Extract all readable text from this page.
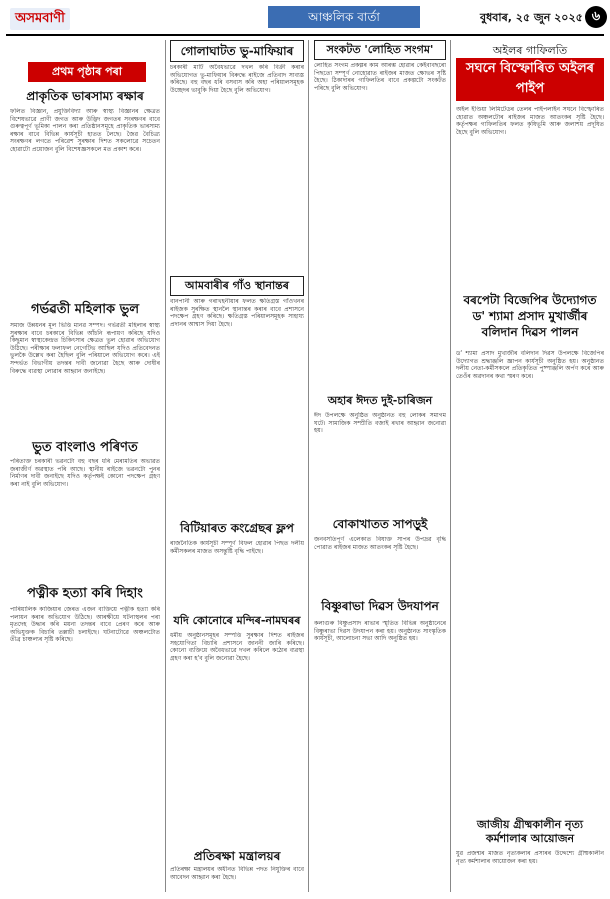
অসমবাণী	আঞ্চলিক বাৰ্তা	বুধবাৰ, ২৫ জুন ২০২৫ ৬
প্ৰথম পৃষ্ঠাৰ পৰা
প্ৰাকৃতিক ভাৰসাম্য ৰক্ষাৰ
ফলিত বিজ্ঞান, প্ৰযুক্তিবিদ্যা আৰু স্বাস্থ্য বিজ্ঞানৰ ক্ষেত্ৰত বিশেষভাৱে প্ৰাণী জগত আৰু উদ্ভিদ জগতৰ সংৰক্ষণৰ বাবে গুৰুত্বপূৰ্ণ ভূমিকা পালন কৰা প্ৰতিষ্ঠানসমূহে প্ৰাকৃতিক ভাৰসাম্য ৰক্ষাৰ বাবে বিভিন্ন কাৰ্যসূচী হাতত লৈছে। জৈৱ বৈচিত্ৰ্য সংৰক্ষণৰ লগতে পৰিৱেশ সুৰক্ষাৰ দিশত সকলোৱে সচেতন হোৱাটো প্ৰয়োজন বুলি বিশেষজ্ঞসকলে মত প্ৰকাশ কৰে।
গৰ্ভৱতী মহিলাক ভুল
সমাজ উন্নয়নৰ মূল ভিত্তি মানৱ সম্পদ। গৰ্ভৱতী মহিলাৰ স্বাস্থ্য সুৰক্ষাৰ বাবে চৰকাৰে বিভিন্ন আঁচনি ৰূপায়ণ কৰিছে যদিও কিছুমান স্বাস্থ্যকেন্দ্ৰত চিকিৎসাৰ ক্ষেত্ৰত ভুল হোৱাৰ অভিযোগ উঠিছে। পৰীক্ষাৰ ফলাফল নেগেটিভ আছিল যদিও প্ৰতিবেদনত ভুলকৈ উল্লেখ কৰা হৈছিল বুলি পৰিয়ালে অভিযোগ কৰে। এই সন্দৰ্ভত বিভাগীয় তদন্তৰ দাবী জনোৱা হৈছে আৰু দোষীৰ বিৰুদ্ধে ব্যৱস্থা লোৱাৰ আহ্বান জনাইছে।
ভুত বাংলাও পৰিণত
পৰিত্যক্ত চৰকাৰী ভৱনটো বহু বছৰ ধৰি মেৰামতিৰ অভাৱত জৰাজীৰ্ণ অৱস্থাত পৰি আছে। স্থানীয় ৰাইজে ভৱনটো পুনৰ নিৰ্মাণৰ দাবী জনাইছে যদিও কৰ্তৃপক্ষই কোনো পদক্ষেপ গ্ৰহণ কৰা নাই বুলি অভিযোগ।
পত্নীক হত্যা কৰি দিহাং
পাৰিয়ালিক কাজিয়াৰ জেৰত এজন ব্যক্তিয়ে পত্নীক হত্যা কৰি পলায়ন কৰাৰ অভিযোগ উঠিছে। আৰক্ষীয়ে ঘটনাস্থলৰ পৰা মৃতদেহ উদ্ধাৰ কৰি ময়না তদন্তৰ বাবে প্ৰেৰণ কৰে আৰু অভিযুক্তক বিচাৰি তল্লাচী চলাইছে। ঘটনাটোৱে অঞ্চলটোত তীব্ৰ চাঞ্চল্যৰ সৃষ্টি কৰিছে।
গোলাঘাটত ভু-মাফিয়াৰ
চৰকাৰী মাটি অবৈধভাৱে দখল কৰি বিক্ৰী কৰাৰ অভিযোগত ভু-মাফিয়াৰ বিৰুদ্ধে ৰাইজে প্ৰতিবাদ সাব্যস্ত কৰিছে। বহু বছৰ ধৰি বসবাস কৰি অহা পৰিয়ালসমূহক উচ্ছেদৰ ভাবুকি দিয়া হৈছে বুলি অভিযোগ।
আমবাৰীৰ গাঁও স্থানান্তৰ
বানপানী আৰু গৰাখহনীয়াৰ ফলত ক্ষতিগ্ৰস্ত গাঁওখনৰ ৰাইজক সুৰক্ষিত স্থানলৈ স্থানান্তৰ কৰাৰ বাবে প্ৰশাসনে পদক্ষেপ গ্ৰহণ কৰিছে। ক্ষতিগ্ৰস্ত পৰিয়ালসমূহক সাহায্য প্ৰদানৰ আশ্বাস দিয়া হৈছে।
বিটিয়াৰত কংগ্ৰেছৰ ফ্লপ
ৰাজনৈতিক কাৰ্যসূচী সম্পূৰ্ণ বিফল হোৱাৰ পিছত দলীয় কৰ্মীসকলৰ মাজত অসন্তুষ্টি বৃদ্ধি পাইছে।
যদি কোনোৰে মন্দিৰ-নামঘৰৰ
ধৰ্মীয় অনুষ্ঠানসমূহৰ সম্পত্তি সুৰক্ষাৰ দিশত ৰাইজৰ সহযোগিতা বিচাৰি প্ৰশাসনে জাননী জাৰি কৰিছে। কোনো ব্যক্তিয়ে অবৈধভাৱে দখল কৰিলে কঠোৰ ব্যৱস্থা গ্ৰহণ কৰা হ'ব বুলি জনোৱা হৈছে।
প্ৰতিৰক্ষা মন্ত্ৰালয়ৰ
প্ৰতিৰক্ষা মন্ত্ৰালয়ৰ অধীনত বিভিন্ন পদত নিযুক্তিৰ বাবে আবেদন আহ্বান কৰা হৈছে।
সংকটত 'লোহিত সংগম'
লোহিত সংগম প্ৰকল্পৰ কাম আৰম্ভ হোৱাৰ কেইবাবছৰো পিছতো সম্পূৰ্ণ নোহোৱাত ৰাইজৰ মাজত ক্ষোভৰ সৃষ্টি হৈছে। ঠিকাদাৰৰ গাফিলতিৰ বাবে প্ৰকল্পটো সংকটত পৰিছে বুলি অভিযোগ।
অহাৰ ঈদত দুই-চাৰিজন
ঈদ উপলক্ষে অনুষ্ঠিত অনুষ্ঠানত বহু লোকৰ সমাগম ঘটে। সামাজিক সম্প্ৰীতি বজাই ৰখাৰ আহ্বান জনোৱা হয়।
বোকাখাতত সাপড়ুই
জনবসতিপূৰ্ণ এলেকাত বিষাক্ত সাপৰ উপদ্ৰৱ বৃদ্ধি পোৱাত ৰাইজৰ মাজত আতংকৰ সৃষ্টি হৈছে।
বিষ্ণুৰাভা দিৱস উদযাপন
কলাগুৰু বিষ্ণুপ্ৰসাদ ৰাভাৰ স্মৃতিত বিভিন্ন অনুষ্ঠানেৰে বিষ্ণুৰাভা দিৱস উদযাপন কৰা হয়। অনুষ্ঠানত সাংস্কৃতিক কাৰ্যসূচী, আলোচনা সভা আদি অনুষ্ঠিত হয়।
অইলৰ গাফিলতি
সঘনে বিস্ফোৰিত অইলৰ পাইপ
অইল ইণ্ডিয়া লিমিটেডৰ তেলৰ পাইপলাইন সঘনে বিস্ফোৰিত হোৱাত অঞ্চলটোৰ ৰাইজৰ মাজত আতংকৰ সৃষ্টি হৈছে। কৰ্তৃপক্ষৰ গাফিলতিৰ ফলত কৃষিভূমি আৰু জলাশয় প্ৰদূষিত হৈছে বুলি অভিযোগ।
বৰপেটা বিজেপিৰ উদ্যোগত ড' শ্যামা প্ৰসাদ মুখাৰ্জীৰ বলিদান দিৱস পালন
ড' শ্যামা প্ৰসাদ মুখাৰ্জীৰ বলিদান দিৱস উপলক্ষে বিজেপিৰ উদ্যোগত শ্ৰদ্ধাঞ্জলি জ্ঞাপন কাৰ্যসূচী অনুষ্ঠিত হয়। অনুষ্ঠানত দলীয় নেতা-কৰ্মীসকলে প্ৰতিকৃতিত পুষ্পাঞ্জলি অৰ্পণ কৰে আৰু তেওঁৰ অৱদানৰ কথা স্মৰণ কৰে।
জাজীয় গ্ৰীষ্মকালীন নৃত্য কৰ্মশালাৰ আয়োজন
যুৱ প্ৰজন্মৰ মাজত নৃত্যকলাৰ প্ৰসাৰৰ উদ্দেশ্যে গ্ৰীষ্মকালীন নৃত্য কৰ্মশালাৰ আয়োজন কৰা হয়।
